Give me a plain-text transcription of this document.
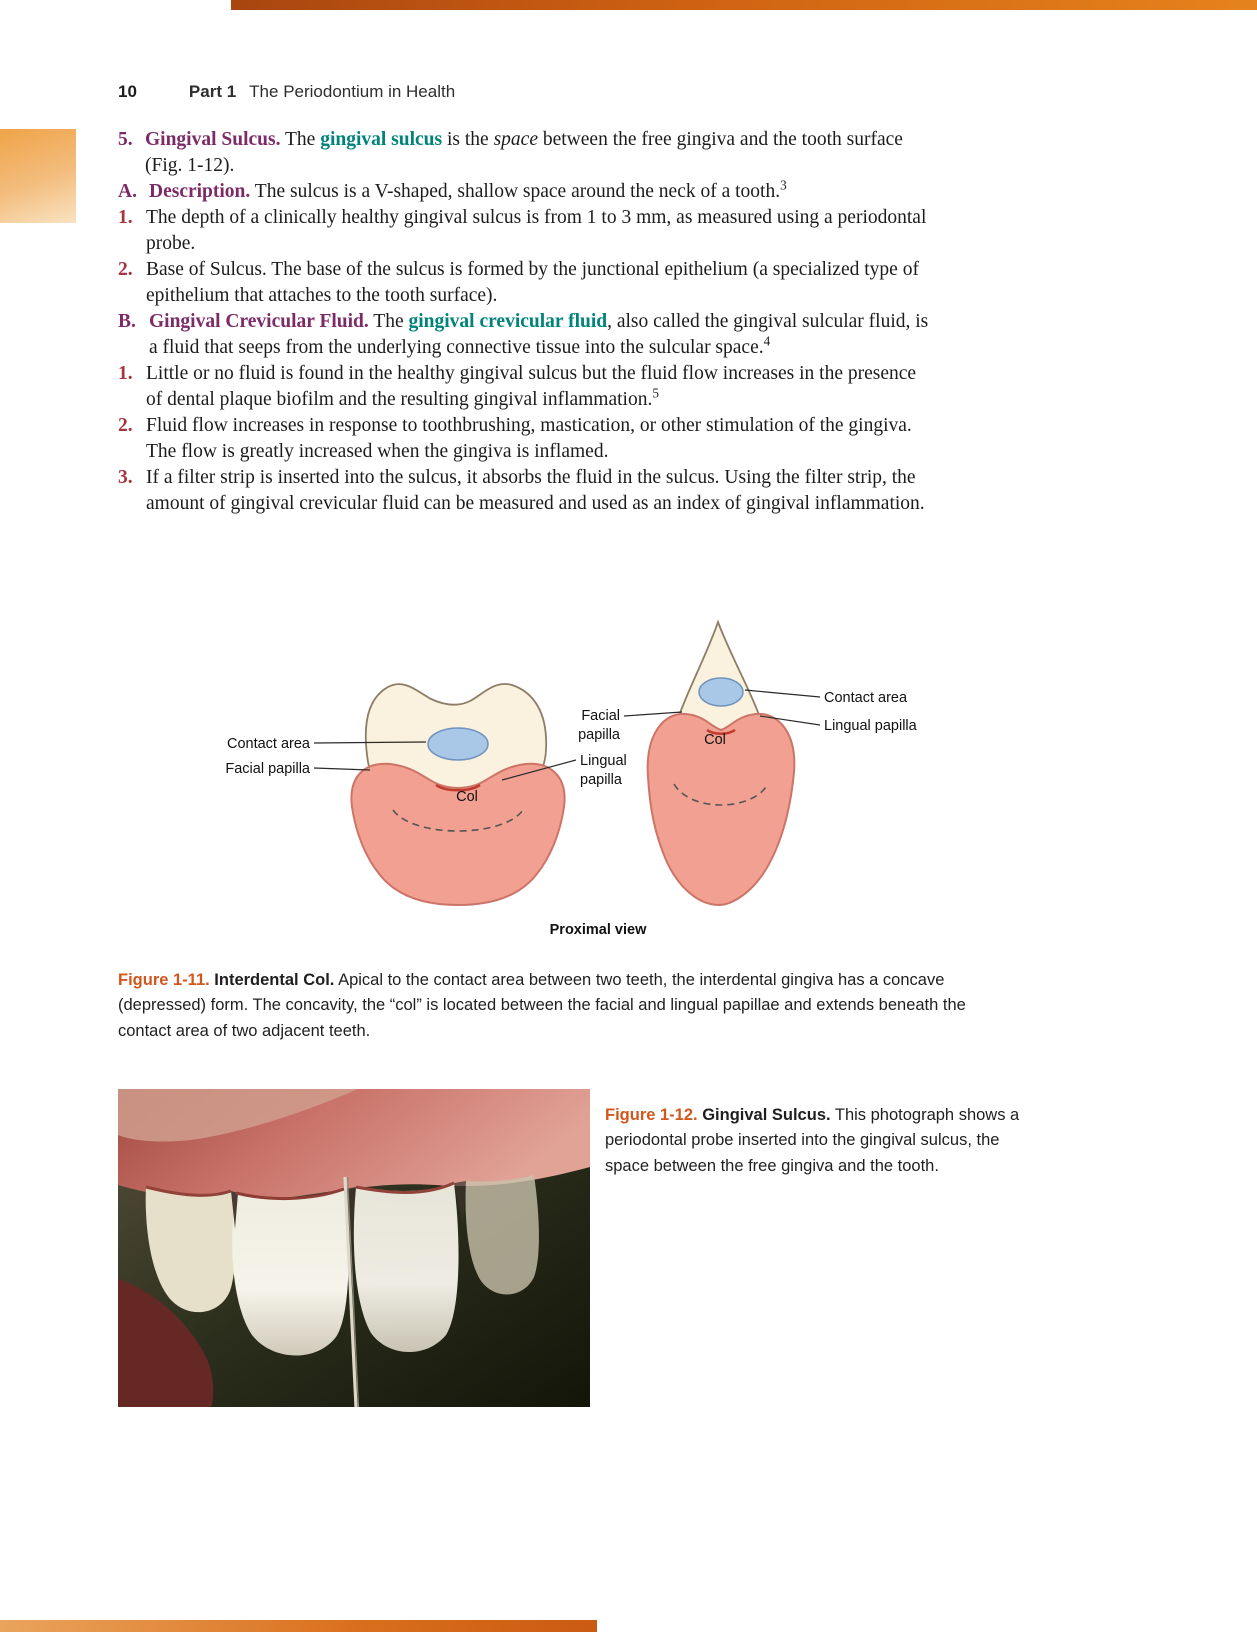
10	Part 1 The Periodontium in Health

5. Gingival Sulcus. The gingival sulcus is the space between the free gingiva and the tooth surface (Fig. 1-12).

A. Description. The sulcus is a V-shaped, shallow space around the neck of a tooth.$^3$

1. The depth of a clinically healthy gingival sulcus is from 1 to 3 mm, as measured using a periodontal probe.

2. Base of Sulcus. The base of the sulcus is formed by the junctional epithelium (a specialized type of epithelium that attaches to the tooth surface).

B. Gingival Crevicular Fluid. The gingival crevicular fluid, also called the gingival sulcular fluid, is a fluid that seeps from the underlying connective tissue into the sulcular space.$^4$

1. Little or no fluid is found in the healthy gingival sulcus but the fluid flow increases in the presence of dental plaque biofilm and the resulting gingival inflammation.$^5$

2. Fluid flow increases in response to toothbrushing, mastication, or other stimulation of the gingiva. The flow is greatly increased when the gingiva is inflamed.

3. If a filter strip is inserted into the sulcus, it absorbs the fluid in the sulcus. Using the filter strip, the amount of gingival crevicular fluid can be measured and used as an index of gingival inflammation.

Contact area
Facial papilla
Col
Lingual
papilla
Facial
papilla	Col
Contact area
Lingual papilla
Proximal view

Figure 1-11. Interdental Col. Apical to the contact area between two teeth, the interdental gingiva has a concave (depressed) form. The concavity, the “col” is located between the facial and lingual papillae and extends beneath the contact area of two adjacent teeth.

Figure 1-12. Gingival Sulcus. This photograph shows a periodontal probe inserted into the gingival sulcus, the space between the free gingiva and the tooth.
